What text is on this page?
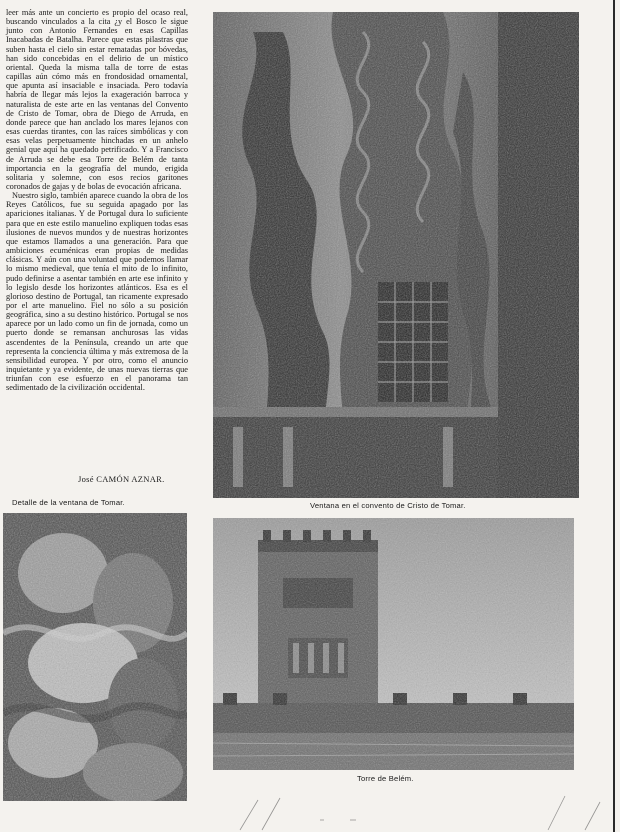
leer más ante un concierto es propio del ocaso real, buscando vinculados a la cita ¿y el Bosco le sigue junto con Antonio Fernandes en esas Capillas Inacabadas de Batalha. Parece que estas pilastras que suben hasta el cielo sin estar rematadas por bóvedas, han sido concebidas en el delirio de un místico oriental. Queda la misma talla de torre de estas capillas aún cómo más en frondosidad ornamental, que apunta así insaciable e insaciada. Pero todavía habría de llegar más lejos la exageración barroca y naturalista de este arte en las ventanas del Convento de Cristo de Tomar, obra de Diego de Arruda, en donde parece que han anclado los mares lejanos con esas cuerdas tirantes, con las raíces simbólicas y con esas velas perpetuamente hinchadas en un anhelo genial que aquí ha quedado petrificado. Y a Francisco de Arruda se debe esa Torre de Belém de tanta importancia en la geografía del mundo, erigida solitaria y solemne, con esos recios garitones coronados de gajas y de bolas de evocación africana.

Nuestro siglo, también aparece cuando la obra de los Reyes Católicos, fue su seguida apagado por las apariciones italianas. Y de Portugal dura lo suficiente para que en este estilo manuelino expliquen todas esas ilusiones de nuevos mundos y de nuestras horizontes que estamos llamados a una generación. Para que ambiciones ecuménicas eran propias de medidas clásicas. Y aún con una voluntad que podemos llamar lo mismo medieval, que tenía el mito de lo infinito, pudo definirse a asentar también en arte ese infinito y lo legislo desde los horizontes atlánticos. Esa es el glorioso destino de Portugal, tan ricamente expresado por el arte manuelino. Fiel no sólo a su posición geográfica, sino a su destino histórico. Portugal se nos aparece por un lado como un fin de jornada, como un puerto donde se remansan anchurosas las vidas ascendentes de la Península, creando un arte que representa la conciencia última y más extremosa de la sensibilidad europea. Y por otro, como el anuncio inquietante y ya evidente, de unas nuevas tierras que triunfan con ese esfuerzo en el panorama tan sedimentado de la civilización occidental.

José CAMÓN AZNAR.
Ventana en el convento de Cristo de Tomar.
Detalle de la ventana de Tomar.
Torre de Belém.
